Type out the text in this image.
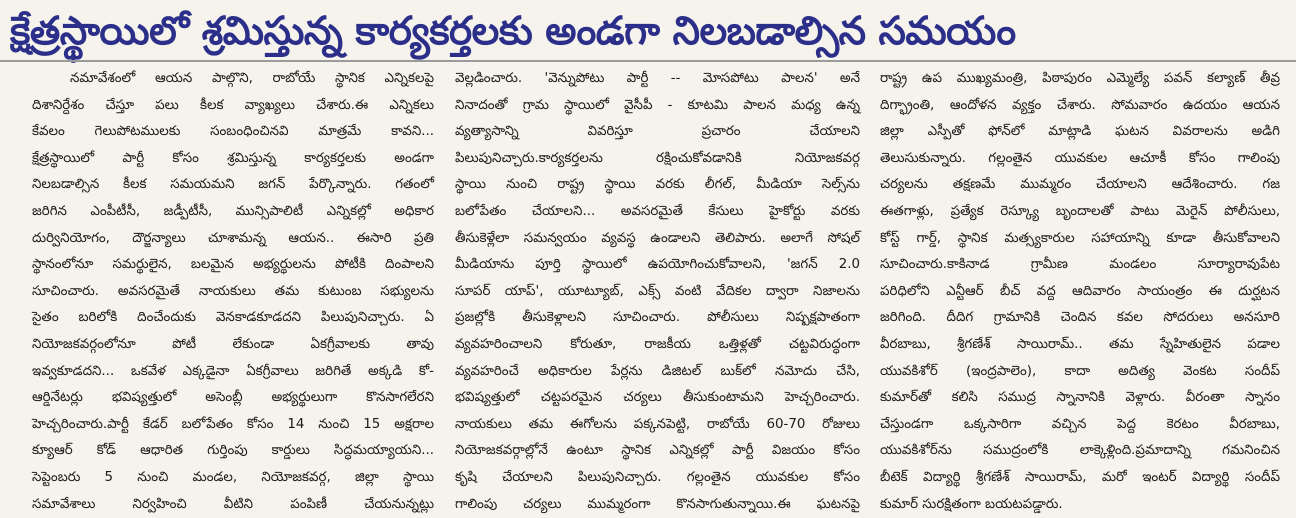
క్షేత్రస్థాయిలో శ్రమిస్తున్న కార్యకర్తలకు అండగా నిలబడాల్సిన సమయం
నమావేశంలో ఆయన పాల్గొని, రాబోయే స్థానిక ఎన్నికలపై
దిశానిర్దేశం చేస్తూ పలు కీలక వ్యాఖ్యలు చేశారు.ఈ ఎన్నికలు
కేవలం గెలుపోటములకు సంబంధించినవి మాత్రమే కావని...
క్షేత్రస్థాయిలో పార్టీ కోసం శ్రమిస్తున్న కార్యకర్తలకు అండగా
నిలబడాల్సిన కీలక సమయమని జగన్ పేర్కొన్నారు. గతంలో
జరిగిన ఎంపీటీసీ, జడ్పీటీసీ, మున్సిపాలిటీ ఎన్నికల్లో అధికార
దుర్వినియోగం, దౌర్జన్యాలు చూశామన్న ఆయన.. ఈసారి ప్రతి
స్థానంలోనూ సమర్థులైన, బలమైన అభ్యర్థులను పోటీకి దింపాలని
సూచించారు. అవసరమైతే నాయకులు తమ కుటుంబ సభ్యులను
సైతం బరిలోకి దించేందుకు వెనకాడకూడదని పిలుపునిచ్చారు. ఏ
నియోజకవర్గంలోనూ పోటీ లేకుండా ఏకగ్రీవాలకు తావు
ఇవ్వకూడదని... ఒకవేళ ఎక్కడైనా ఏకగ్రీవాలు జరిగితే అక్కడి కో-
ఆర్డినేటర్లు భవిష్యత్తులో అసెంబ్లీ అభ్యర్థులుగా కొనసాగలేరని
హెచ్చరించారు.పార్టీ కేడర్ బలోపేతం కోసం 14 నుంచి 15 అక్షరాల
క్యూఆర్ కోడ్ ఆధారిత గుర్తింపు కార్డులు సిద్ధమయ్యాయని...
సెప్టెంబరు 5 నుంచి మండల, నియోజకవర్గ, జిల్లా స్థాయి
సమావేశాలు నిర్వహించి వీటిని పంపిణీ చేయనున్నట్లు
వెల్లడించారు. 'వెన్నుపోటు పార్టీ -- మోసపోటు పాలన' అనే
నినాదంతో గ్రామ స్థాయిలో వైసీపీ - కూటమి పాలన మధ్య ఉన్న
వ్యత్యాసాన్ని వివరిస్తూ ప్రచారం చేయాలని
పిలుపునిచ్చారు.కార్యకర్తలను రక్షించుకోవడానికి నియోజకవర్గ
స్థాయి నుంచి రాష్ట్ర స్థాయి వరకు లీగల్, మీడియా సెల్స్‌ను
బలోపేతం చేయాలని... అవసరమైతే కేసులు హైకోర్టు వరకు
తీసుకెళ్లేలా సమన్వయం వ్యవస్థ ఉండాలని తెలిపారు. అలాగే సోషల్
మీడియాను పూర్తి స్థాయిలో ఉపయోగించుకోవాలని, 'జగన్ 2.0
సూపర్ యాప్', యూట్యూబ్, ఎక్స్ వంటి వేదికల ద్వారా నిజాలను
ప్రజల్లోకి తీసుకెళ్లాలని సూచించారు. పోలీసులు నిష్పక్షపాతంగా
వ్యవహరించాలని కోరుతూ, రాజకీయ ఒత్తిళ్లతో చట్టవిరుద్ధంగా
వ్యవహరించే అధికారుల పేర్లను డిజిటల్ బుక్‌లో నమోదు చేసి,
భవిష్యత్తులో చట్టపరమైన చర్యలు తీసుకుంటామని హెచ్చరించారు.
నాయకులు తమ ఈగోలను పక్కనపెట్టి, రాబోయే 60-70 రోజులు
నియోజకవర్గాల్లోనే ఉంటూ స్థానిక ఎన్నికల్లో పార్టీ విజయం కోసం
కృషి చేయాలని పిలుపునిచ్చారు. గల్లంతైన యువకుల కోసం
గాలింపు చర్యలు ముమ్మరంగా కొనసాగుతున్నాయి.ఈ ఘటనపై
రాష్ట్ర ఉప ముఖ్యమంత్రి, పిఠాపురం ఎమ్మెల్యే పవన్ కల్యాణ్ తీవ్ర
దిగ్భ్రాంతి, ఆందోళన వ్యక్తం చేశారు. సోమవారం ఉదయం ఆయన
జిల్లా ఎస్పీతో ఫోన్‌లో మాట్లాడి ఘటన వివరాలను అడిగి
తెలుసుకున్నారు. గల్లంతైన యువకుల ఆచూకీ కోసం గాలింపు
చర్యలను తక్షణమే ముమ్మరం చేయాలని ఆదేశించారు. గజ
ఈతగాళ్లు, ప్రత్యేక రెస్క్యూ బృందాలతో పాటు మెరైన్ పోలీసులు,
కోస్ట్ గార్డ్, స్థానిక మత్స్యకారుల సహాయాన్ని కూడా తీసుకోవాలని
సూచించారు.కాకినాడ గ్రామీణ మండలం సూర్యారావుపేట
పరిధిలోని ఎన్టీఆర్ బీచ్ వద్ద ఆదివారం సాయంత్రం ఈ దుర్ఘటన
జరిగింది. దీదిగ గ్రామానికి చెందిన కవల సోదరులు అనసూరి
వీరబాబు, శ్రీగణేశ్ సాయిరామ్.. తమ స్నేహితులైన పడాల
యువకిశోర్ (ఇంద్రపాలెం), కాదా అదిత్య వెంకట సందీప్
కుమార్‌తో కలిసి సముద్ర స్నానానికి వెళ్లారు. వీరంతా స్నానం
చేస్తుండగా ఒక్కసారిగా వచ్చిన పెద్ద కెరటం వీరబాబు,
యువకిశోర్‌ను సముద్రంలోకి లాక్కెళ్లింది.ప్రమాదాన్ని గమనించిన
బీటెక్ విద్యార్థి శ్రీగణేశ్ సాయిరామ్, మరో ఇంటర్ విద్యార్థి సందీప్
కుమార్ సురక్షితంగా బయటపడ్డారు.
